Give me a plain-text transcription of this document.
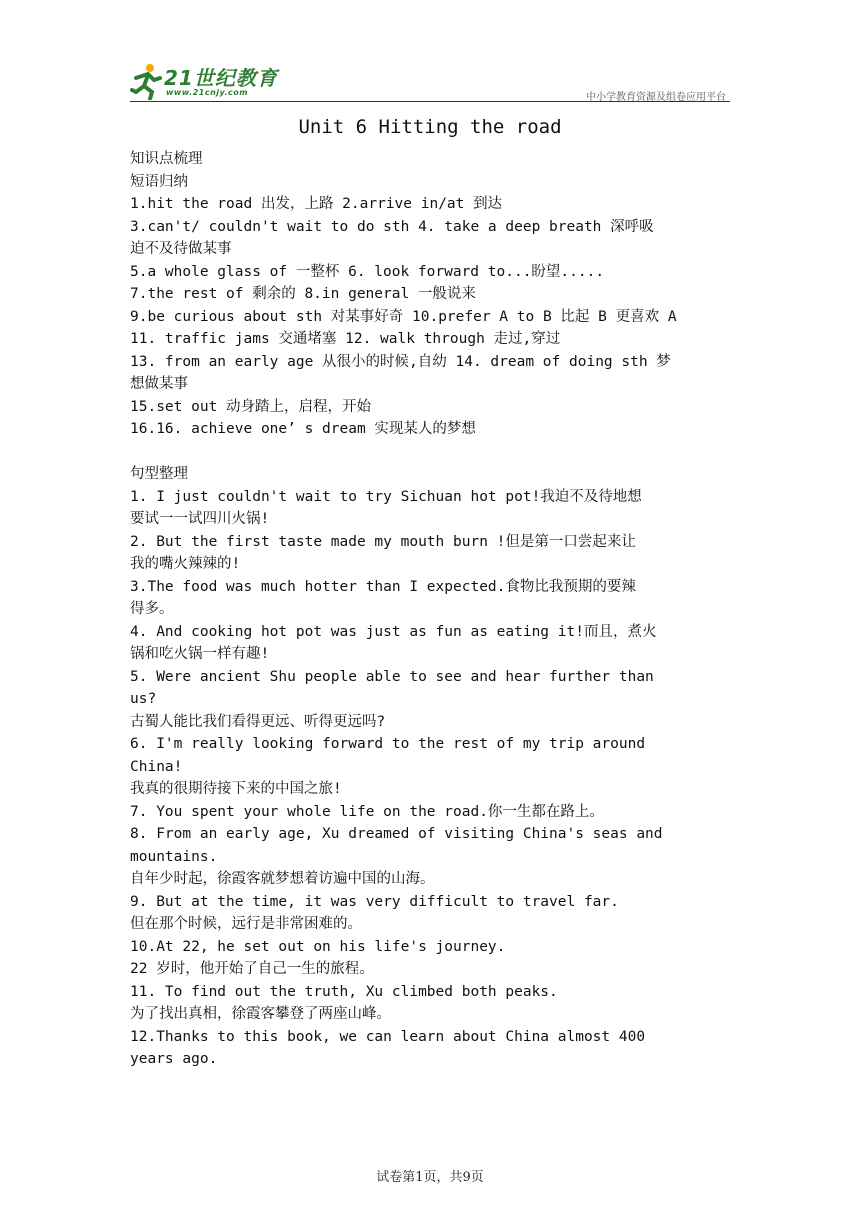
21世纪教育
www.21cnjy.com	中小学教育资源及组卷应用平台
Unit 6 Hitting the road
知识点梳理
短语归纳
1.hit the road 出发，上路 2.arrive in/at 到达
3.can't/ couldn't wait to do sth 4. take a deep breath 深呼吸
迫不及待做某事
5.a whole glass of 一整杯 6. look forward to...盼望.....
7.the rest of 剩余的 8.in general 一般说来
9.be curious about sth 对某事好奇 10.prefer A to B 比起 B 更喜欢 A
11. traffic jams 交通堵塞 12. walk through 走过,穿过
13. from an early age 从很小的时候,自幼 14. dream of doing sth 梦
想做某事
15.set out 动身踏上，启程，开始
16.16. achieve one’ s dream 实现某人的梦想
句型整理
1. I just couldn't wait to try Sichuan hot pot!我迫不及待地想
要试一一试四川火锅!
2. But the first taste made my mouth burn !但是第一口尝起来让
我的嘴火辣辣的!
3.The food was much hotter than I expected.食物比我预期的要辣
得多。
4. And cooking hot pot was just as fun as eating it!而且，煮火
锅和吃火锅一样有趣!
5. Were ancient Shu people able to see and hear further than
us?
古蜀人能比我们看得更远、听得更远吗?
6. I'm really looking forward to the rest of my trip around
China!
我真的很期待接下来的中国之旅!
7. You spent your whole life on the road.你一生都在路上。
8. From an early age, Xu dreamed of visiting China's seas and
mountains.
自年少时起，徐霞客就梦想着访遍中国的山海。
9. But at the time, it was very difficult to travel far.
但在那个时候，远行是非常困难的。
10.At 22, he set out on his life's journey.
22 岁时，他开始了自己一生的旅程。
11. To find out the truth, Xu climbed both peaks.
为了找出真相，徐霞客攀登了两座山峰。
12.Thanks to this book, we can learn about China almost 400
years ago.
试卷第1页，共9页
